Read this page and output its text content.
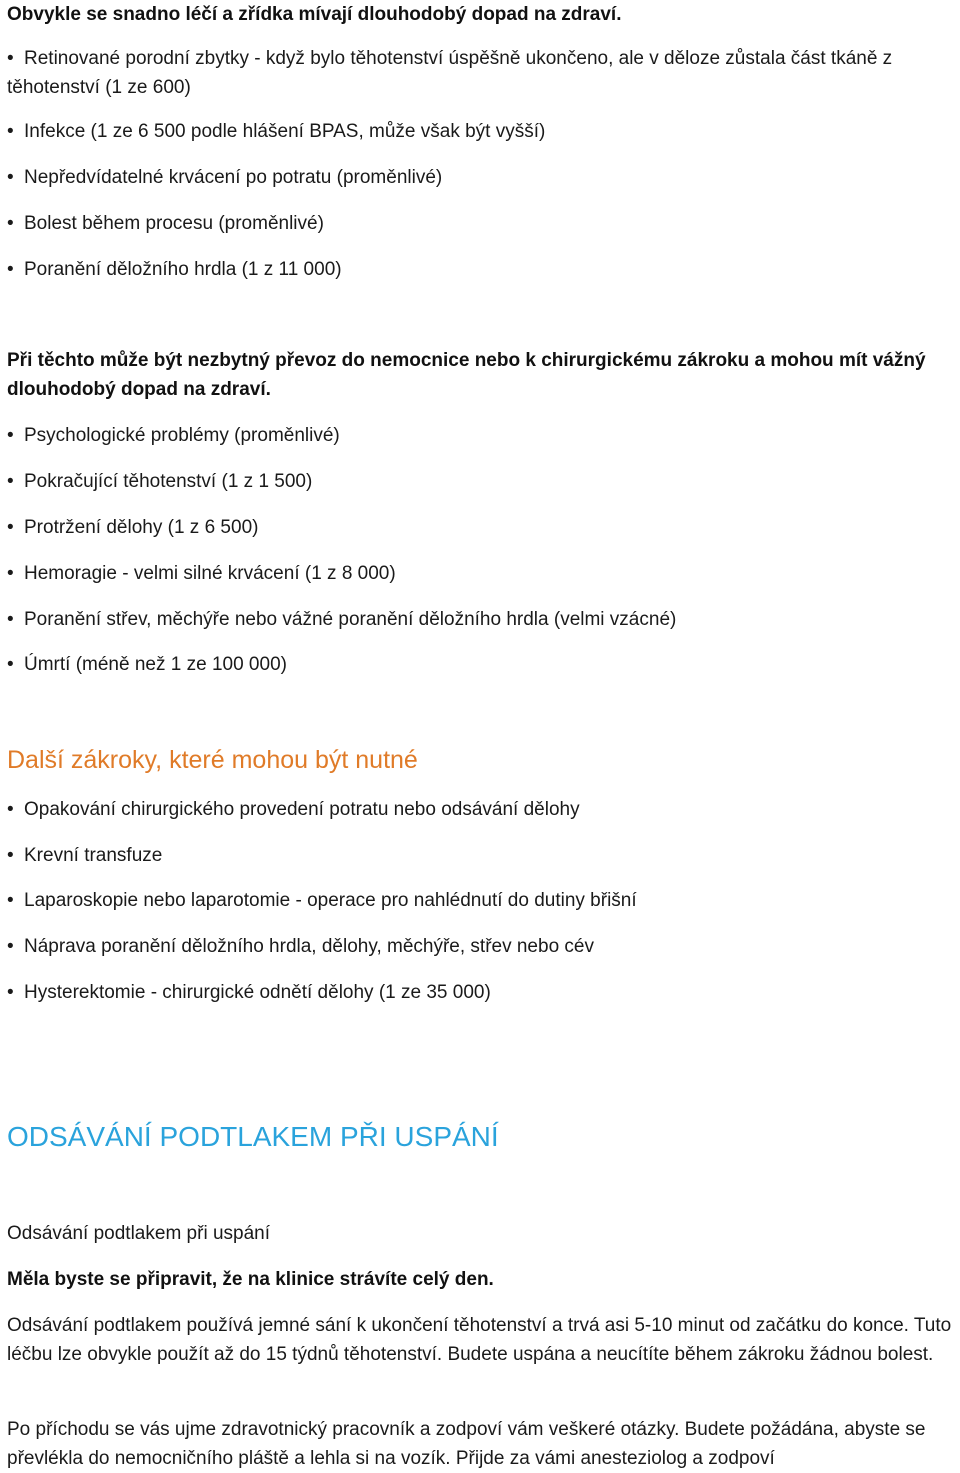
Obvykle se snadno léčí a zřídka mívají dlouhodobý dopad na zdraví.
• Retinované porodní zbytky - když bylo těhotenství úspěšně ukončeno, ale v děloze zůstala část tkáně z těhotenství (1 ze 600)
• Infekce (1 ze 6 500 podle hlášení BPAS, může však být vyšší)
• Nepředvídatelné krvácení po potratu (proměnlivé)
• Bolest během procesu (proměnlivé)
• Poranění děložního hrdla (1 z 11 000)
Při těchto může být nezbytný převoz do nemocnice nebo k chirurgickému zákroku a mohou mít vážný dlouhodobý dopad na zdraví.
• Psychologické problémy (proměnlivé)
• Pokračující těhotenství (1 z 1 500)
• Protržení dělohy (1 z 6 500)
• Hemoragie - velmi silné krvácení (1 z 8 000)
• Poranění střev, měchýře nebo vážné poranění děložního hrdla (velmi vzácné)
• Úmrtí (méně než 1 ze 100 000)
Další zákroky, které mohou být nutné
• Opakování chirurgického provedení potratu nebo odsávání dělohy
• Krevní transfuze
• Laparoskopie nebo laparotomie - operace pro nahlédnutí do dutiny břišní
• Náprava poranění děložního hrdla, dělohy, měchýře, střev nebo cév
• Hysterektomie - chirurgické odnětí dělohy (1 ze 35 000)
ODSÁVÁNÍ PODTLAKEM PŘI USPÁNÍ
Odsávání podtlakem při uspání
Měla byste se připravit, že na klinice strávíte celý den.
Odsávání podtlakem používá jemné sání k ukončení těhotenství a trvá asi 5-10 minut od začátku do konce. Tuto léčbu lze obvykle použít až do 15 týdnů těhotenství. Budete uspána a neucítíte během zákroku žádnou bolest.
Po příchodu se vás ujme zdravotnický pracovník a zodpoví vám veškeré otázky. Budete požádána, abyste se převlékla do nemocničního pláště a lehla si na vozík. Přijde za vámi anesteziolog a zodpoví
